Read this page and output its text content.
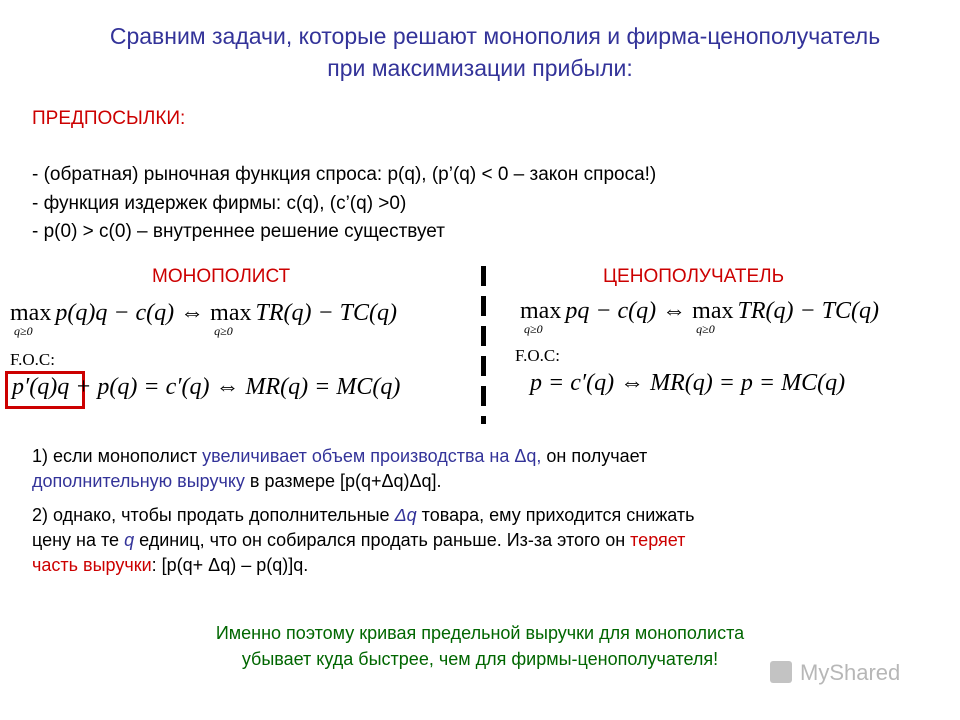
Сравним задачи, которые решают монополия и фирма-ценополучатель
при максимизации прибыли:
ПРЕДПОСЫЛКИ:
- (обратная) рыночная функция спроса: p(q), (p’(q) < 0 – закон спроса!)
- функция издержек фирмы: c(q), (c’(q) >0)
- p(0) > c(0) – внутреннее решение существует
МОНОПОЛИСТ	ЦЕНОПОЛУЧАТЕЛЬ
max
q≥0
p(q)q − c(q) ⇔ max
q≥0
TR(q) − TC(q)
F.O.C:
p′(q)q + p(q) = c′(q) ⇔ MR(q) = MC(q)
max
q≥0
pq − c(q) ⇔ max
q≥0
TR(q) − TC(q)
F.O.C:
p = c′(q) ⇔ MR(q) = p = MC(q)
1) если монополист увеличивает объем производства на Δq, он получает
дополнительную выручку в размере [p(q+Δq)Δq].
2) однако, чтобы продать дополнительные Δq товара, ему приходится снижать
цену на те q единиц, что он собирался продать раньше. Из-за этого он теряет
часть выручки: [p(q+ Δq) – p(q)]q.
Именно поэтому кривая предельной выручки для монополиста
убывает куда быстрее, чем для фирмы-ценополучателя!
MyShared
